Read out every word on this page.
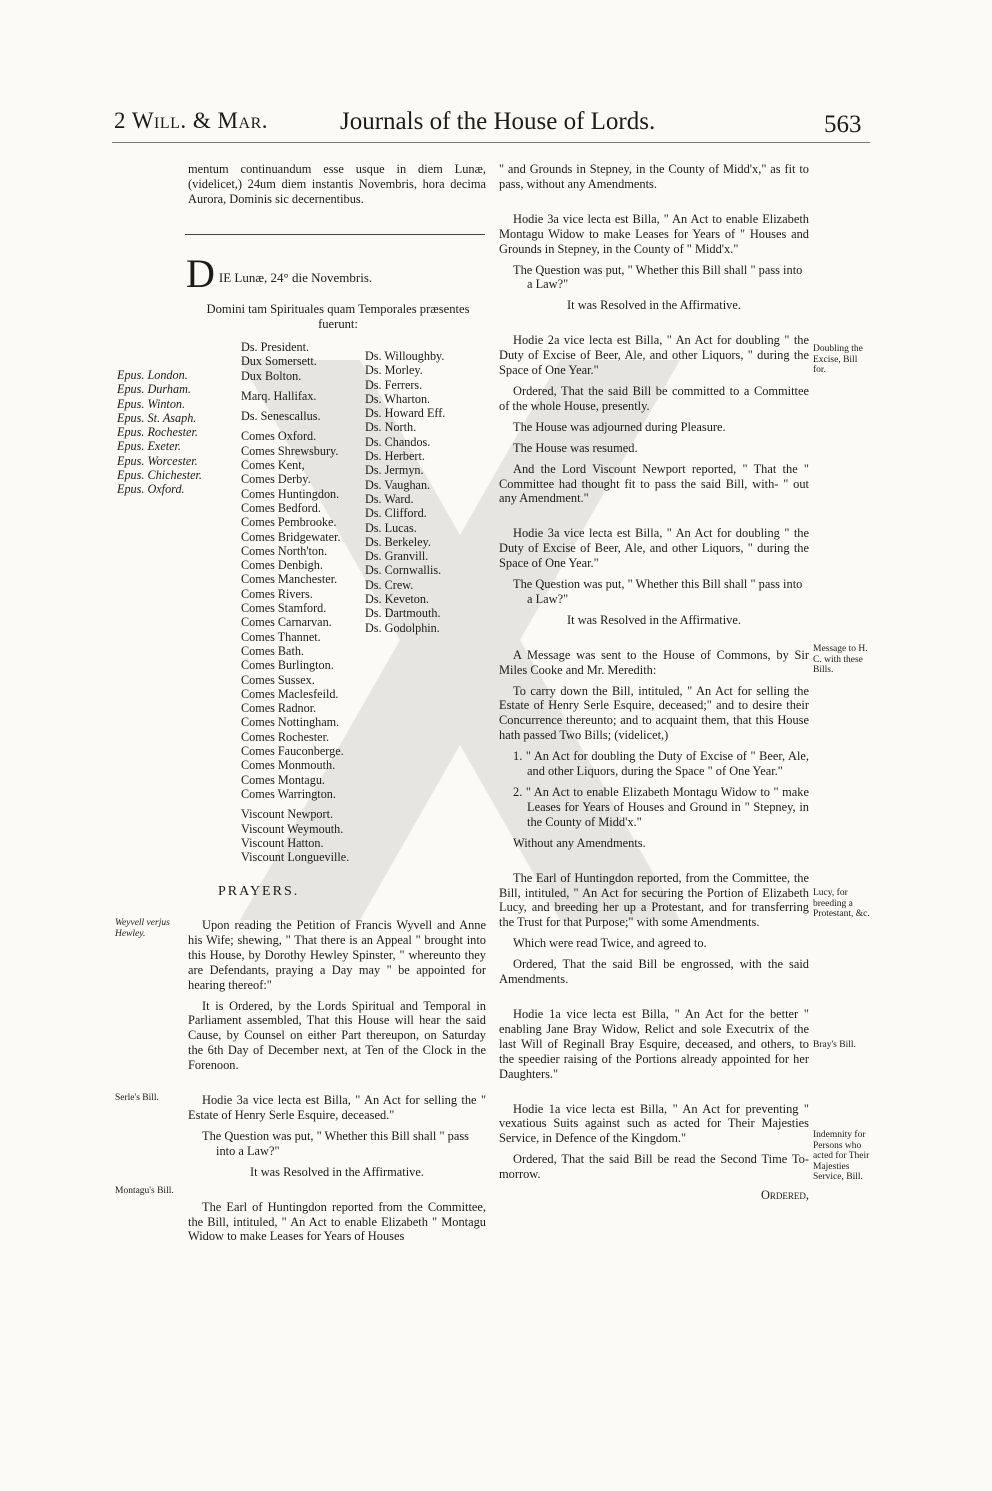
2 Will. & Mar.	Journals of the House of Lords.	563

mentum continuandum esse usque in diem Lunæ, (videlicet,) 24um diem instantis Novembris, hora decima Aurora, Dominis sic decernentibus.

D IE Lunæ, 24° die Novembris.
Domini tam Spirituales quam Temporales præsentes fuerunt:
Epus. London.
Epus. Durham.
Epus. Winton.
Epus. St. Asaph.
Epus. Rochester.
Epus. Exeter.
Epus. Worcester.
Epus. Chichester.
Epus. Oxford.
Ds. President.
Dux Somersett.
Dux Bolton.
Marq. Hallifax.
Ds. Senescallus.
Comes Oxford.
Comes Shrewsbury.
Comes Kent,
Comes Derby.
Comes Huntingdon.
Comes Bedford.
Comes Pembrooke.
Comes Bridgewater.
Comes North'ton.
Comes Denbigh.
Comes Manchester.
Comes Rivers.
Comes Stamford.
Comes Carnarvan.
Comes Thannet.
Comes Bath.
Comes Burlington.
Comes Sussex.
Comes Maclesfeild.
Comes Radnor.
Comes Nottingham.
Comes Rochester.
Comes Fauconberge.
Comes Monmouth.
Comes Montagu.
Comes Warrington.
Viscount Newport.
Viscount Weymouth.
Viscount Hatton.
Viscount Longueville.
Ds. Willoughby.
Ds. Morley.
Ds. Ferrers.
Ds. Wharton.
Ds. Howard Eff.
Ds. North.
Ds. Chandos.
Ds. Herbert.
Ds. Jermyn.
Ds. Vaughan.
Ds. Ward.
Ds. Clifford.
Ds. Lucas.
Ds. Berkeley.
Ds. Granvill.
Ds. Cornwallis.
Ds. Crew.
Ds. Keveton.
Ds. Dartmouth.
Ds. Godolphin.
PRAYERS.

Upon reading the Petition of Francis Wyvell and Anne his Wife; shewing, " That there is an Appeal " brought into this House, by Dorothy Hewley Spinster, " whereunto they are Defendants, praying a Day may " be appointed for hearing thereof:"

It is Ordered, by the Lords Spiritual and Temporal in Parliament assembled, That this House will hear the said Cause, by Counsel on either Part thereupon, on Saturday the 6th Day of December next, at Ten of the Clock in the Forenoon.

Hodie 3a vice lecta est Billa, " An Act for selling the " Estate of Henry Serle Esquire, deceased."

The Question was put, " Whether this Bill shall " pass into a Law?"

It was Resolved in the Affirmative.

The Earl of Huntingdon reported from the Committee, the Bill, intituled, " An Act to enable Elizabeth " Montagu Widow to make Leases for Years of Houses

Weyvell verjus Hewley.
Serle's Bill.
Montagu's Bill.

" and Grounds in Stepney, in the County of Midd'x," as fit to pass, without any Amendments.

Hodie 3a vice lecta est Billa, " An Act to enable Elizabeth Montagu Widow to make Leases for Years of " Houses and Grounds in Stepney, in the County of " Midd'x."

The Question was put, " Whether this Bill shall " pass into a Law?"

It was Resolved in the Affirmative.

Hodie 2a vice lecta est Billa, " An Act for doubling " the Duty of Excise of Beer, Ale, and other Liquors, " during the Space of One Year."

Ordered, That the said Bill be committed to a Committee of the whole House, presently.

The House was adjourned during Pleasure.

The House was resumed.

And the Lord Viscount Newport reported, " That the " Committee had thought fit to pass the said Bill, with- " out any Amendment."

Hodie 3a vice lecta est Billa, " An Act for doubling " the Duty of Excise of Beer, Ale, and other Liquors, " during the Space of One Year."

The Question was put, " Whether this Bill shall " pass into a Law?"

It was Resolved in the Affirmative.

A Message was sent to the House of Commons, by Sir Miles Cooke and Mr. Meredith:

To carry down the Bill, intituled, " An Act for selling the Estate of Henry Serle Esquire, deceased;" and to desire their Concurrence thereunto; and to acquaint them, that this House hath passed Two Bills; (videlicet,)

1. " An Act for doubling the Duty of Excise of " Beer, Ale, and other Liquors, during the Space " of One Year."

2. " An Act to enable Elizabeth Montagu Widow to " make Leases for Years of Houses and Ground in " Stepney, in the County of Midd'x."

Without any Amendments.

The Earl of Huntingdon reported, from the Committee, the Bill, intituled, " An Act for securing the Portion of Elizabeth Lucy, and breeding her up a Protestant, and for transferring the Trust for that Purpose;" with some Amendments.

Which were read Twice, and agreed to.

Ordered, That the said Bill be engrossed, with the said Amendments.

Hodie 1a vice lecta est Billa, " An Act for the better " enabling Jane Bray Widow, Relict and sole Executrix of the last Will of Reginall Bray Esquire, deceased, and others, to the speedier raising of the Portions already appointed for her Daughters."

Hodie 1a vice lecta est Billa, " An Act for preventing " vexatious Suits against such as acted for Their Majesties Service, in Defence of the Kingdom."

Ordered, That the said Bill be read the Second Time To-morrow.

Ordered,

Doubling the Excise, Bill for.
Message to H. C. with these Bills.
Lucy, for breeding a Protestant, &c.
Bray's Bill.
Indemnity for Persons who acted for Their Majesties Service, Bill.
